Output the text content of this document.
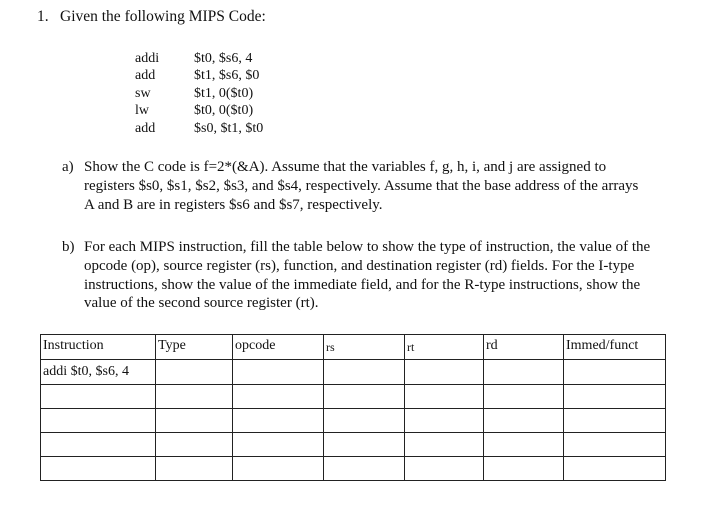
1. Given the following MIPS Code:
addi	$t0, $s6, 4
add	$t1, $s6, $0
sw	$t1, 0($t0)
lw	$t0, 0($t0)
add	$s0, $t1, $t0
a) Show the C code is f=2*(&A). Assume that the variables f, g, h, i, and j are assigned to registers $s0, $s1, $s2, $s3, and $s4, respectively. Assume that the base address of the arrays A and B are in registers $s6 and $s7, respectively.
b) For each MIPS instruction, fill the table below to show the type of instruction, the value of the opcode (op), source register (rs), function, and destination register (rd) fields. For the I-type instructions, show the value of the immediate field, and for the R-type instructions, show the value of the second source register (rt).
Instruction	Type	opcode	rs	rt	rd	Immed/funct
addi $t0, $s6, 4						
